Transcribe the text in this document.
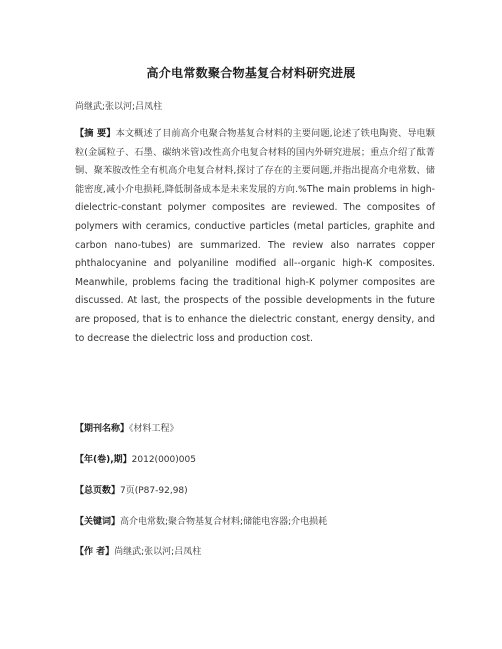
高介电常数聚合物基复合材料研究进展
尚继武;张以河;吕凤柱
【摘 要】本文概述了目前高介电聚合物基复合材料的主要问题,论述了铁电陶瓷、导电颗粒(金属粒子、石墨、碳纳米管)改性高介电复合材料的国内外研究进展；重点介绍了酞菁铜、聚苯胺改性全有机高介电复合材料,探讨了存在的主要问题,并指出提高介电常数、储能密度,减小介电损耗,降低制备成本是未来发展的方向.%The main problems in high-dielectric-constant polymer composites are reviewed. The composites of polymers with ceramics, conductive particles (metal particles, graphite and carbon nano-tubes) are summarized. The review also narrates copper phthalocyanine and polyaniline modified all--organic high-K composites. Meanwhile, problems facing the traditional high-K polymer composites are discussed. At last, the prospects of the possible developments in the future are proposed, that is to enhance the dielectric constant, energy density, and to decrease the dielectric loss and production cost.
【期刊名称】《材料工程》
【年(卷),期】2012(000)005
【总页数】7页(P87-92,98)
【关键词】高介电常数;聚合物基复合材料;储能电容器;介电损耗
【作 者】尚继武;张以河;吕凤柱
